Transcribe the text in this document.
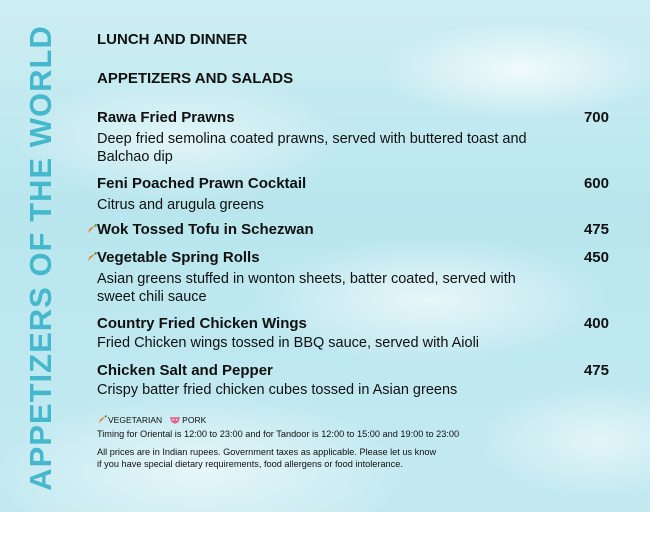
APPETIZERS OF THE WORLD	LUNCH AND DINNER
APPETIZERS AND SALADS
Rawa Fried Prawns	700
Deep fried semolina coated prawns, served with buttered toast and Balchao dip
Feni Poached Prawn Cocktail	600
Citrus and arugula greens
Wok Tossed Tofu in Schezwan	475
Vegetable Spring Rolls	450
Asian greens stuffed in wonton sheets, batter coated, served with sweet chili sauce
Country Fried Chicken Wings	400
Fried Chicken wings tossed in BBQ sauce, served with Aioli
Chicken Salt and Pepper	475
Crispy batter fried chicken cubes tossed in Asian greens
VEGETARIAN PORK
Timing for Oriental is 12:00 to 23:00 and for Tandoor is 12:00 to 15:00 and 19:00 to 23:00
All prices are in Indian rupees. Government taxes as applicable. Please let us know if you have special dietary requirements, food allergens or food intolerance.
